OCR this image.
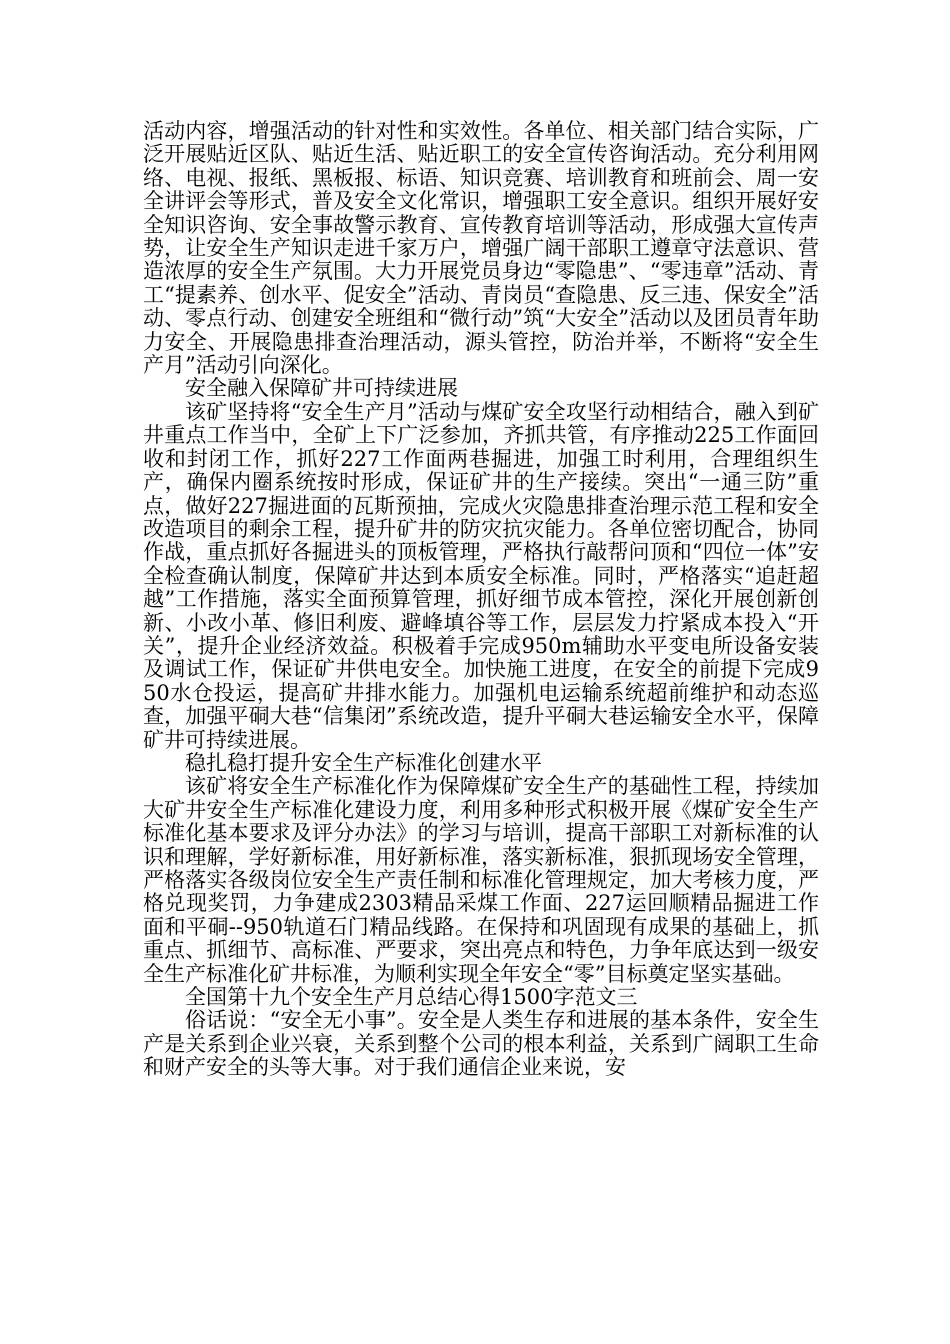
活动内容，增强活动的针对性和实效性。各单位、相关部门结合实际，广泛开展贴近区队、贴近生活、贴近职工的安全宣传咨询活动。充分利用网络、电视、报纸、黑板报、标语、知识竞赛、培训教育和班前会、周一安全讲评会等形式，普及安全文化常识，增强职工安全意识。组织开展好安全知识咨询、安全事故警示教育、宣传教育培训等活动，形成强大宣传声势，让安全生产知识走进千家万户，增强广阔干部职工遵章守法意识、营造浓厚的安全生产氛围。大力开展党员身边“零隐患”、“零违章”活动、青工“提素养、创水平、促安全”活动、青岗员“查隐患、反三违、保安全”活动、零点行动、创建安全班组和“微行动”筑“大安全”活动以及团员青年助力安全、开展隐患排查治理活动，源头管控，防治并举，不断将“安全生产月”活动引向深化。

安全融入保障矿井可持续进展

该矿坚持将“安全生产月”活动与煤矿安全攻坚行动相结合，融入到矿井重点工作当中，全矿上下广泛参加，齐抓共管，有序推动225工作面回收和封闭工作，抓好227工作面两巷掘进，加强工时利用，合理组织生产，确保内圈系统按时形成，保证矿井的生产接续。突出“一通三防”重点，做好227掘进面的瓦斯预抽，完成火灾隐患排查治理示范工程和安全改造项目的剩余工程，提升矿井的防灾抗灾能力。各单位密切配合，协同作战，重点抓好各掘进头的顶板管理，严格执行敲帮问顶和“四位一体”安全检查确认制度，保障矿井达到本质安全标准。同时，严格落实“追赶超越”工作措施，落实全面预算管理，抓好细节成本管控，深化开展创新创新、小改小革、修旧利废、避峰填谷等工作，层层发力拧紧成本投入“开关”，提升企业经济效益。积极着手完成950m辅助水平变电所设备安装及调试工作，保证矿井供电安全。加快施工进度，在安全的前提下完成950水仓投运，提高矿井排水能力。加强机电运输系统超前维护和动态巡查，加强平硐大巷“信集闭”系统改造，提升平硐大巷运输安全水平，保障矿井可持续进展。

稳扎稳打提升安全生产标准化创建水平

该矿将安全生产标准化作为保障煤矿安全生产的基础性工程，持续加大矿井安全生产标准化建设力度，利用多种形式积极开展《煤矿安全生产标准化基本要求及评分办法》的学习与培训，提高干部职工对新标准的认识和理解，学好新标准，用好新标准，落实新标准，狠抓现场安全管理，严格落实各级岗位安全生产责任制和标准化管理规定，加大考核力度，严格兑现奖罚，力争建成2303精品采煤工作面、227运回顺精品掘进工作面和平硐--950轨道石门精品线路。在保持和巩固现有成果的基础上，抓重点、抓细节、高标准、严要求，突出亮点和特色，力争年底达到一级安全生产标准化矿井标准，为顺利实现全年安全“零”目标奠定坚实基础。

全国第十九个安全生产月总结心得1500字范文三

俗话说：“安全无小事”。安全是人类生存和进展的基本条件，安全生产是关系到企业兴衰，关系到整个公司的根本利益，关系到广阔职工生命和财产安全的头等大事。对于我们通信企业来说，安
